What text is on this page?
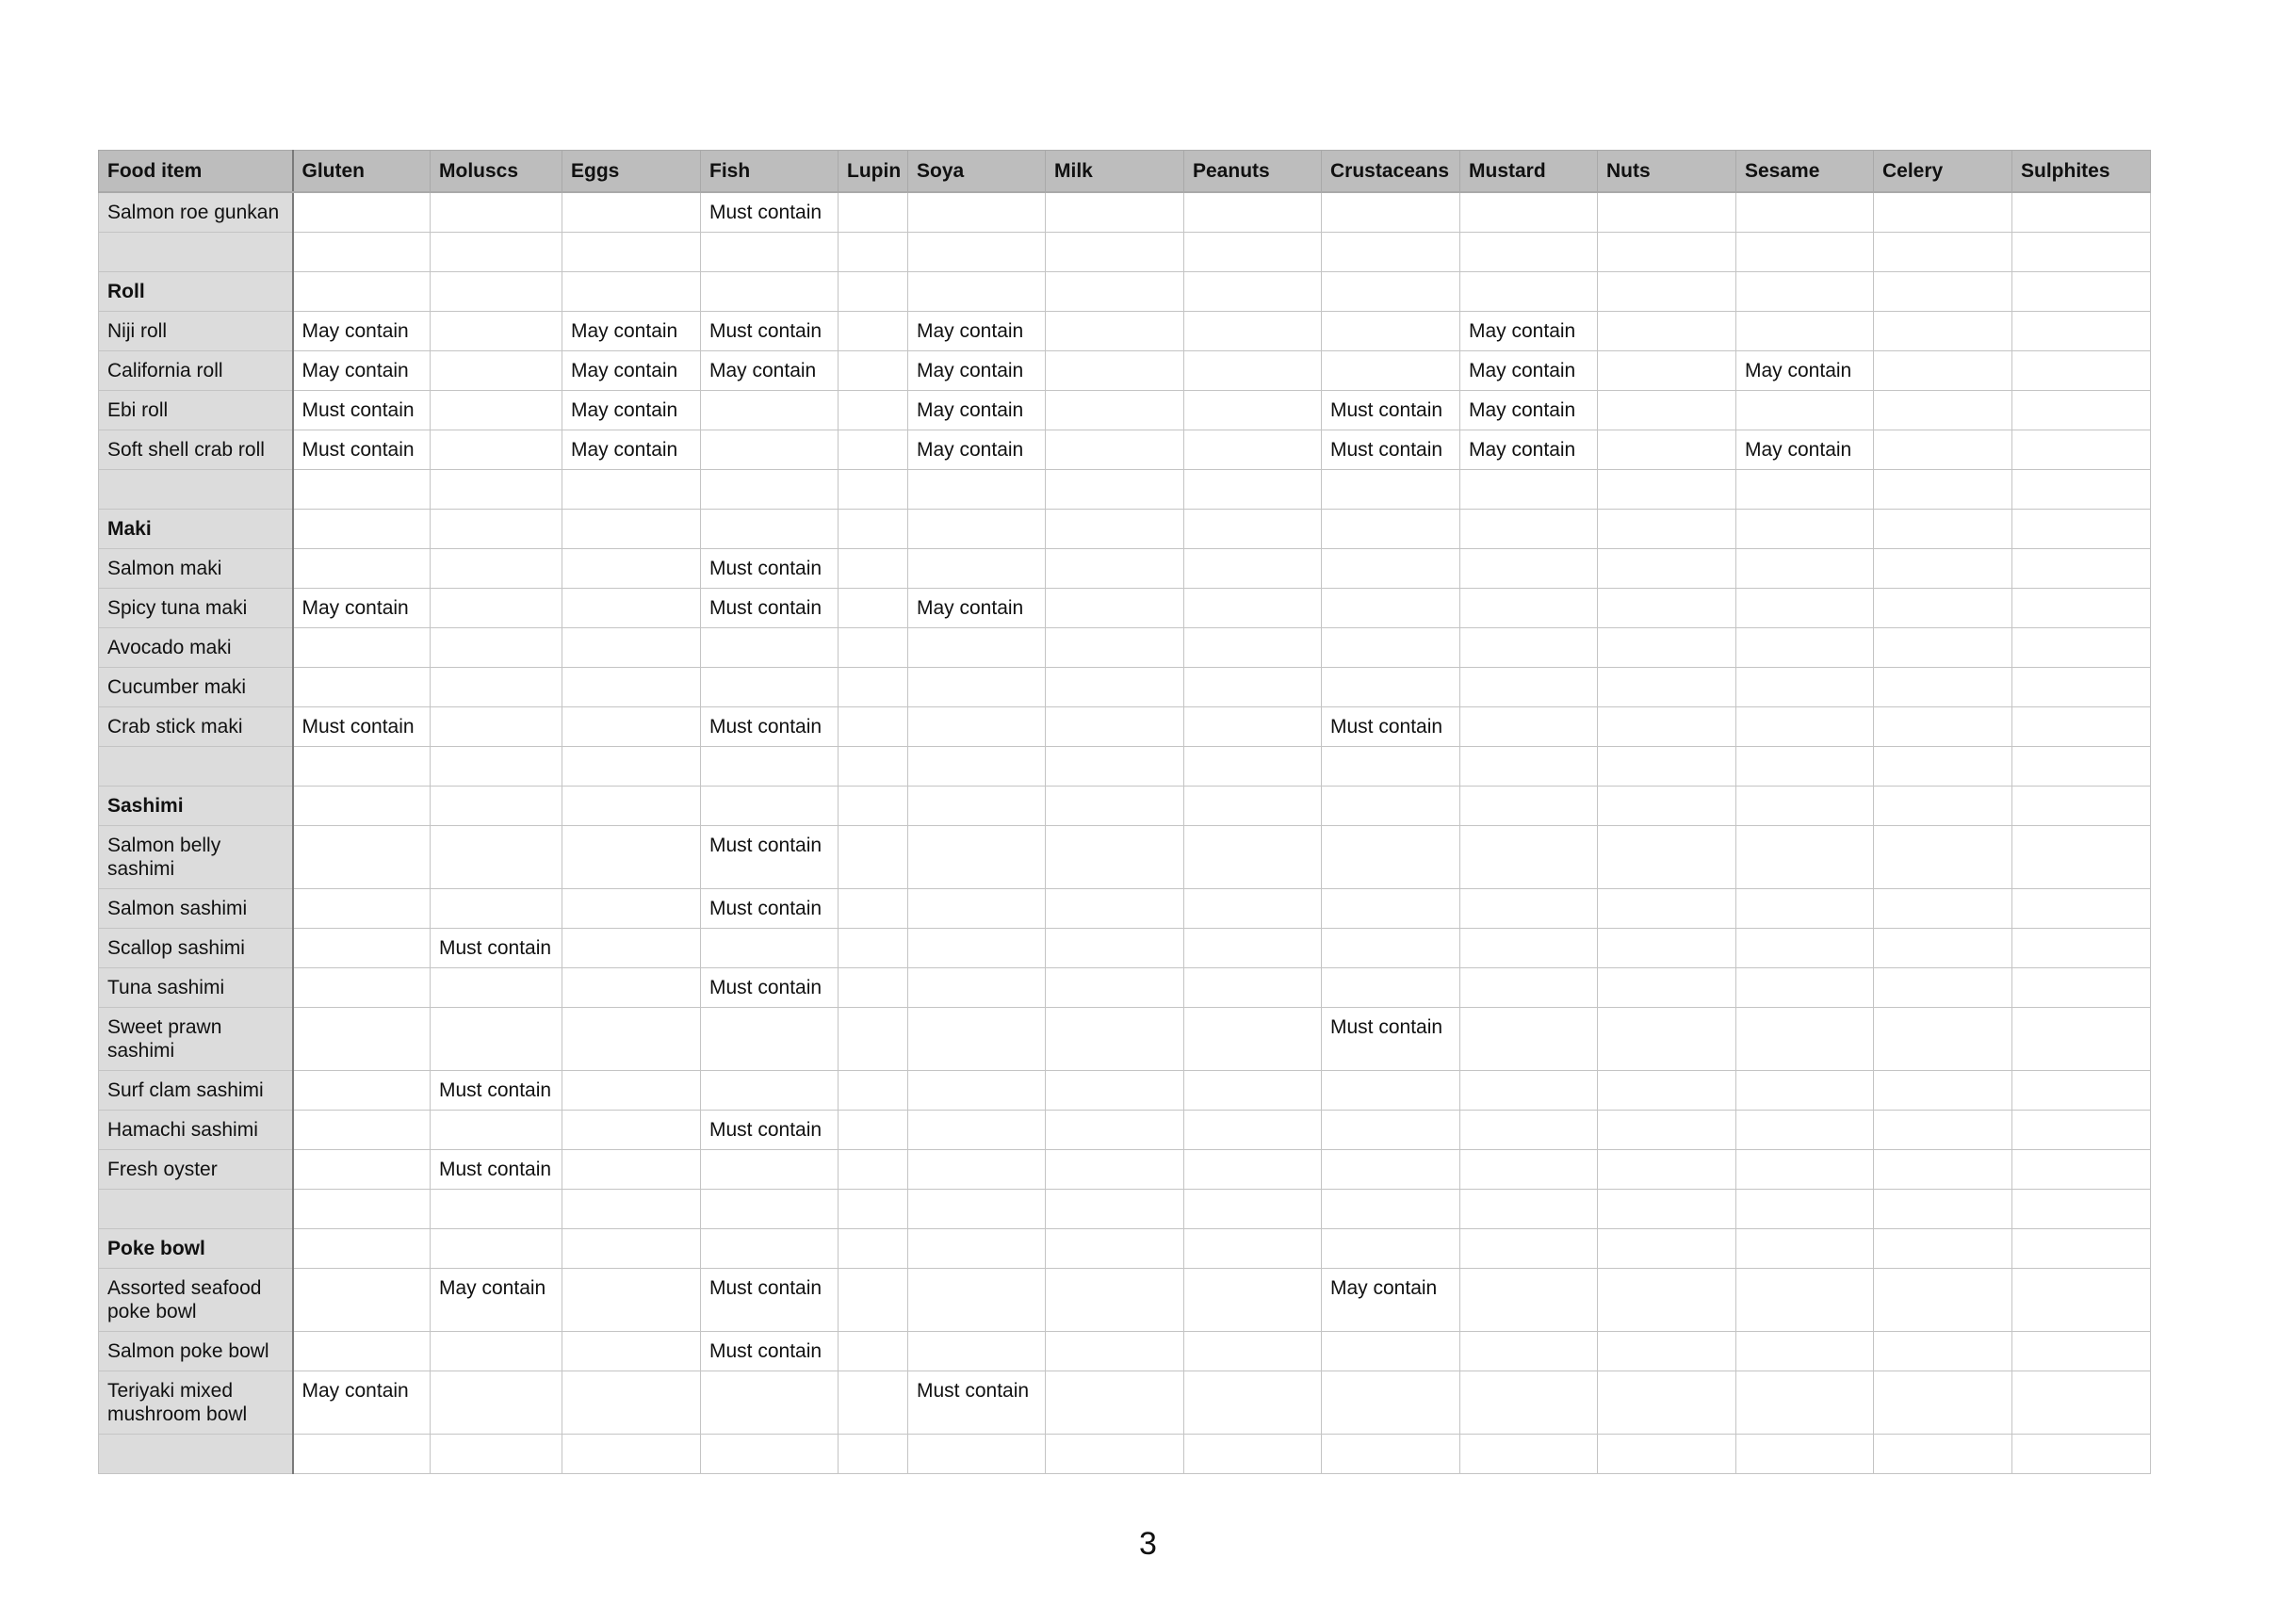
Food item	Gluten	Moluscs	Eggs	Fish	Lupin	Soya	Milk	Peanuts	Crustaceans	Mustard	Nuts	Sesame	Celery	Sulphites
Salmon roe gunkan				Must contain										

Roll														
Niji roll	May contain		May contain	Must contain		May contain				May contain				
California roll	May contain		May contain	May contain		May contain				May contain		May contain		
Ebi roll	Must contain		May contain			May contain			Must contain	May contain				
Soft shell crab roll	Must contain		May contain			May contain			Must contain	May contain		May contain		

Maki														
Salmon maki				Must contain										
Spicy tuna maki	May contain			Must contain		May contain								
Avocado maki														
Cucumber maki														
Crab stick maki	Must contain			Must contain					Must contain					

Sashimi														
Salmon belly sashimi				Must contain										
Salmon sashimi				Must contain										
Scallop sashimi		Must contain												
Tuna sashimi				Must contain										
Sweet prawn sashimi									Must contain					
Surf clam sashimi		Must contain												
Hamachi sashimi				Must contain										
Fresh oyster		Must contain												

Poke bowl														
Assorted seafood poke bowl		May contain		Must contain					May contain					
Salmon poke bowl				Must contain										
Teriyaki mixed mushroom bowl	May contain					Must contain								

3
